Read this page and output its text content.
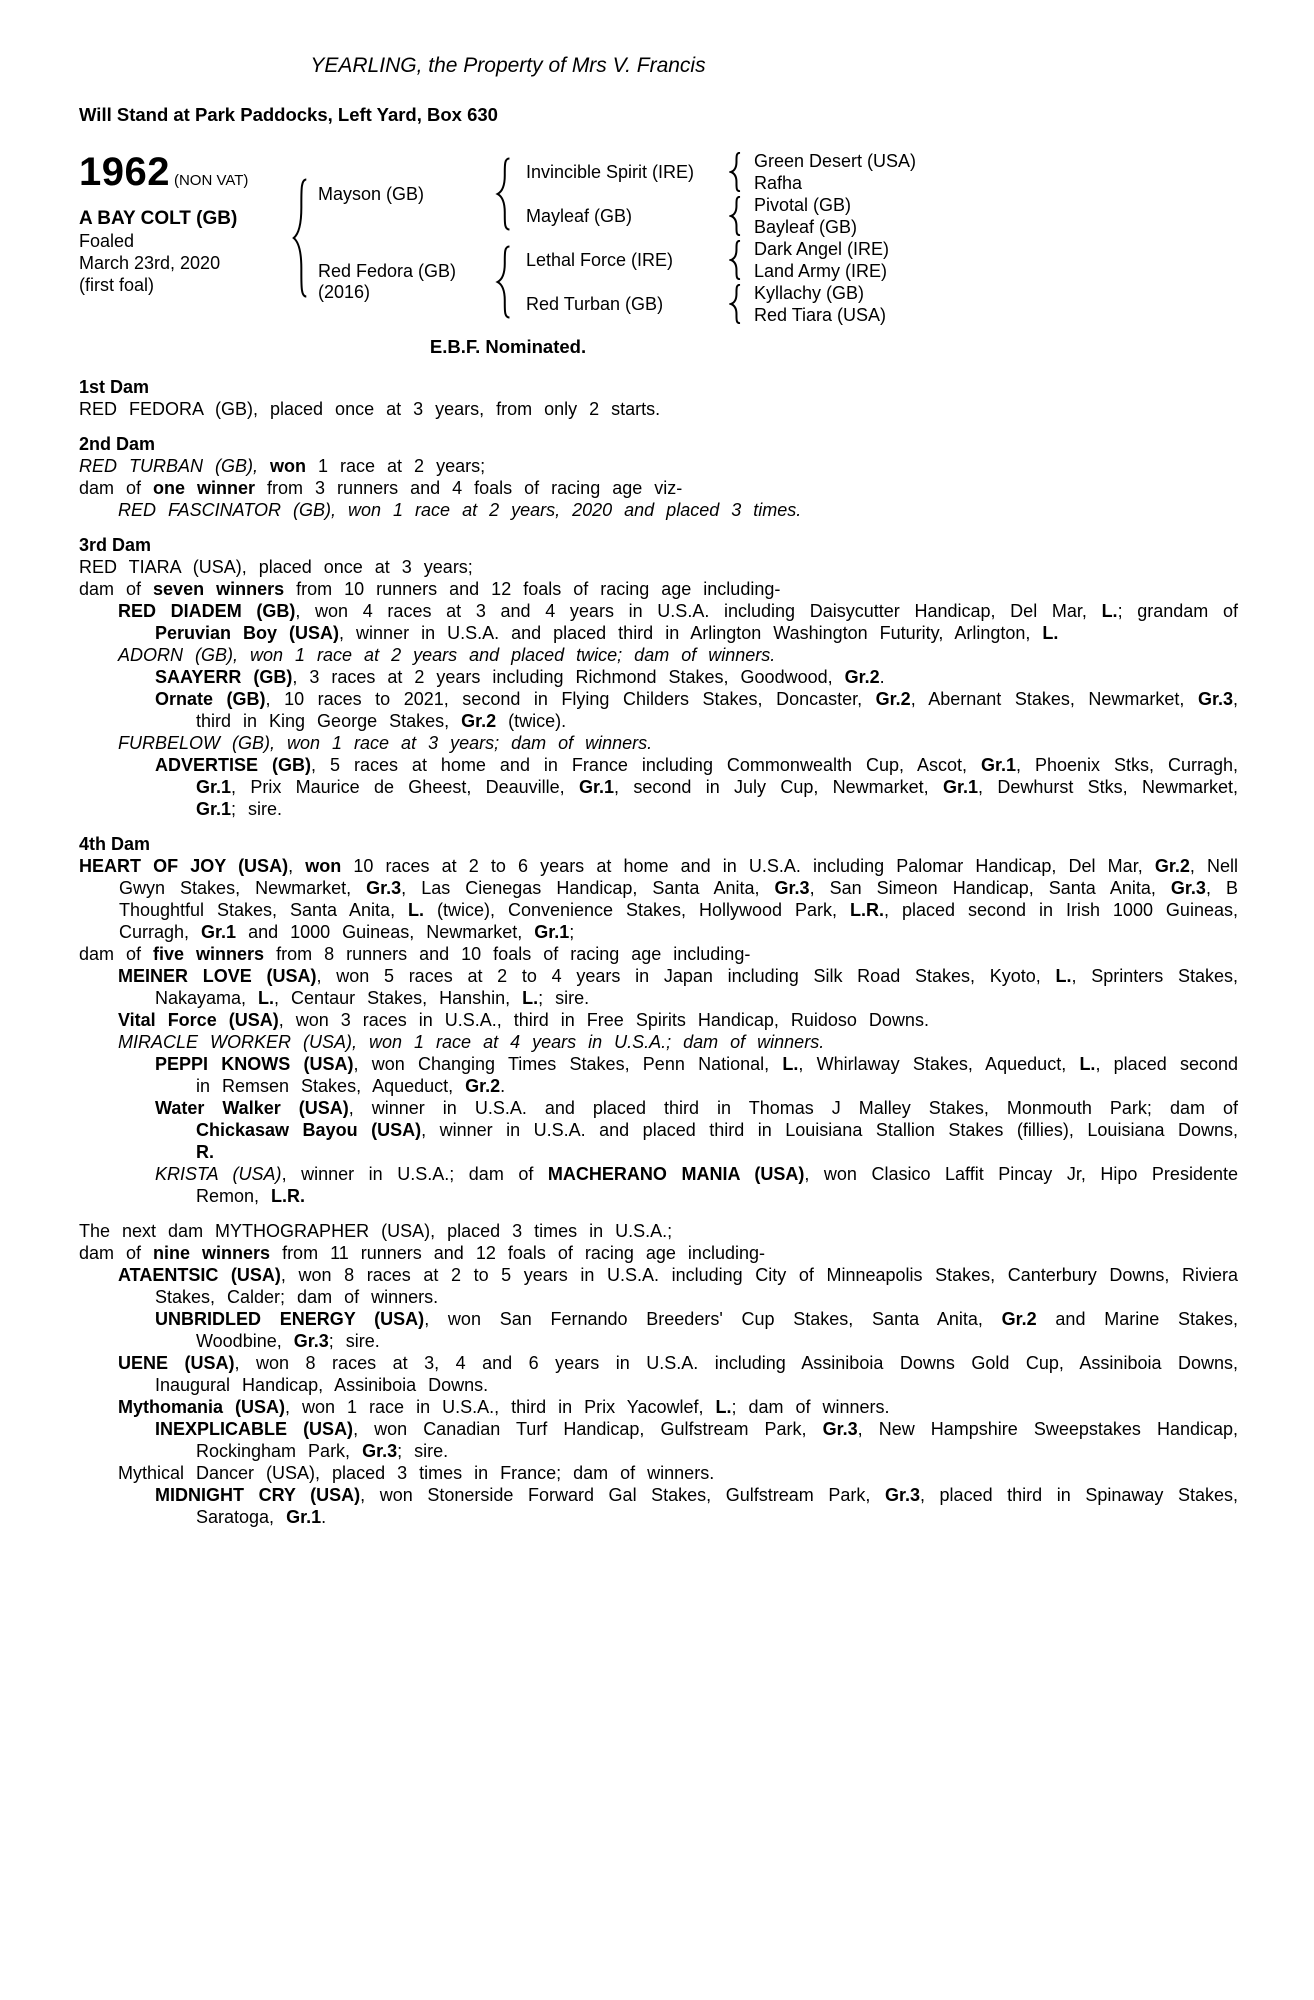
YEARLING, the Property of Mrs V. Francis
Will Stand at Park Paddocks, Left Yard, Box 630
1962 (NON VAT)
A BAY COLT (GB)
Foaled
March 23rd, 2020
(first foal)
Mayson (GB)
Red Fedora (GB)
(2016)
Invincible Spirit (IRE)
Mayleaf (GB)
Lethal Force (IRE)
Red Turban (GB)
Green Desert (USA)
Rafha
Pivotal (GB)
Bayleaf (GB)
Dark Angel (IRE)
Land Army (IRE)
Kyllachy (GB)
Red Tiara (USA)
E.B.F. Nominated.
1st Dam

RED FEDORA (GB), placed once at 3 years, from only 2 starts.

2nd Dam

RED TURBAN (GB), won 1 race at 2 years;

dam of one winner from 3 runners and 4 foals of racing age viz-

RED FASCINATOR (GB), won 1 race at 2 years, 2020 and placed 3 times.

3rd Dam

RED TIARA (USA), placed once at 3 years;

dam of seven winners from 10 runners and 12 foals of racing age including-

RED DIADEM (GB), won 4 races at 3 and 4 years in U.S.A. including Daisycutter Handicap, Del Mar, L.; grandam of Peruvian Boy (USA), winner in U.S.A. and placed third in Arlington Washington Futurity, Arlington, L.

ADORN (GB), won 1 race at 2 years and placed twice; dam of winners.

SAAYERR (GB), 3 races at 2 years including Richmond Stakes, Goodwood, Gr.2.

Ornate (GB), 10 races to 2021, second in Flying Childers Stakes, Doncaster, Gr.2, Abernant Stakes, Newmarket, Gr.3, third in King George Stakes, Gr.2 (twice).

FURBELOW (GB), won 1 race at 3 years; dam of winners.

ADVERTISE (GB), 5 races at home and in France including Commonwealth Cup, Ascot, Gr.1, Phoenix Stks, Curragh, Gr.1, Prix Maurice de Gheest, Deauville, Gr.1, second in July Cup, Newmarket, Gr.1, Dewhurst Stks, Newmarket, Gr.1; sire.

4th Dam

HEART OF JOY (USA), won 10 races at 2 to 6 years at home and in U.S.A. including Palomar Handicap, Del Mar, Gr.2, Nell Gwyn Stakes, Newmarket, Gr.3, Las Cienegas Handicap, Santa Anita, Gr.3, San Simeon Handicap, Santa Anita, Gr.3, B Thoughtful Stakes, Santa Anita, L. (twice), Convenience Stakes, Hollywood Park, L.R., placed second in Irish 1000 Guineas, Curragh, Gr.1 and 1000 Guineas, Newmarket, Gr.1;

dam of five winners from 8 runners and 10 foals of racing age including-

MEINER LOVE (USA), won 5 races at 2 to 4 years in Japan including Silk Road Stakes, Kyoto, L., Sprinters Stakes, Nakayama, L., Centaur Stakes, Hanshin, L.; sire.

Vital Force (USA), won 3 races in U.S.A., third in Free Spirits Handicap, Ruidoso Downs.

MIRACLE WORKER (USA), won 1 race at 4 years in U.S.A.; dam of winners.

PEPPI KNOWS (USA), won Changing Times Stakes, Penn National, L., Whirlaway Stakes, Aqueduct, L., placed second in Remsen Stakes, Aqueduct, Gr.2.

Water Walker (USA), winner in U.S.A. and placed third in Thomas J Malley Stakes, Monmouth Park; dam of Chickasaw Bayou (USA), winner in U.S.A. and placed third in Louisiana Stallion Stakes (fillies), Louisiana Downs, R.

KRISTA (USA), winner in U.S.A.; dam of MACHERANO MANIA (USA), won Clasico Laffit Pincay Jr, Hipo Presidente Remon, L.R.

The next dam MYTHOGRAPHER (USA), placed 3 times in U.S.A.;

dam of nine winners from 11 runners and 12 foals of racing age including-

ATAENTSIC (USA), won 8 races at 2 to 5 years in U.S.A. including City of Minneapolis Stakes, Canterbury Downs, Riviera Stakes, Calder; dam of winners.

UNBRIDLED ENERGY (USA), won San Fernando Breeders' Cup Stakes, Santa Anita, Gr.2 and Marine Stakes, Woodbine, Gr.3; sire.

UENE (USA), won 8 races at 3, 4 and 6 years in U.S.A. including Assiniboia Downs Gold Cup, Assiniboia Downs, Inaugural Handicap, Assiniboia Downs.

Mythomania (USA), won 1 race in U.S.A., third in Prix Yacowlef, L.; dam of winners.

INEXPLICABLE (USA), won Canadian Turf Handicap, Gulfstream Park, Gr.3, New Hampshire Sweepstakes Handicap, Rockingham Park, Gr.3; sire.

Mythical Dancer (USA), placed 3 times in France; dam of winners.

MIDNIGHT CRY (USA), won Stonerside Forward Gal Stakes, Gulfstream Park, Gr.3, placed third in Spinaway Stakes, Saratoga, Gr.1.
